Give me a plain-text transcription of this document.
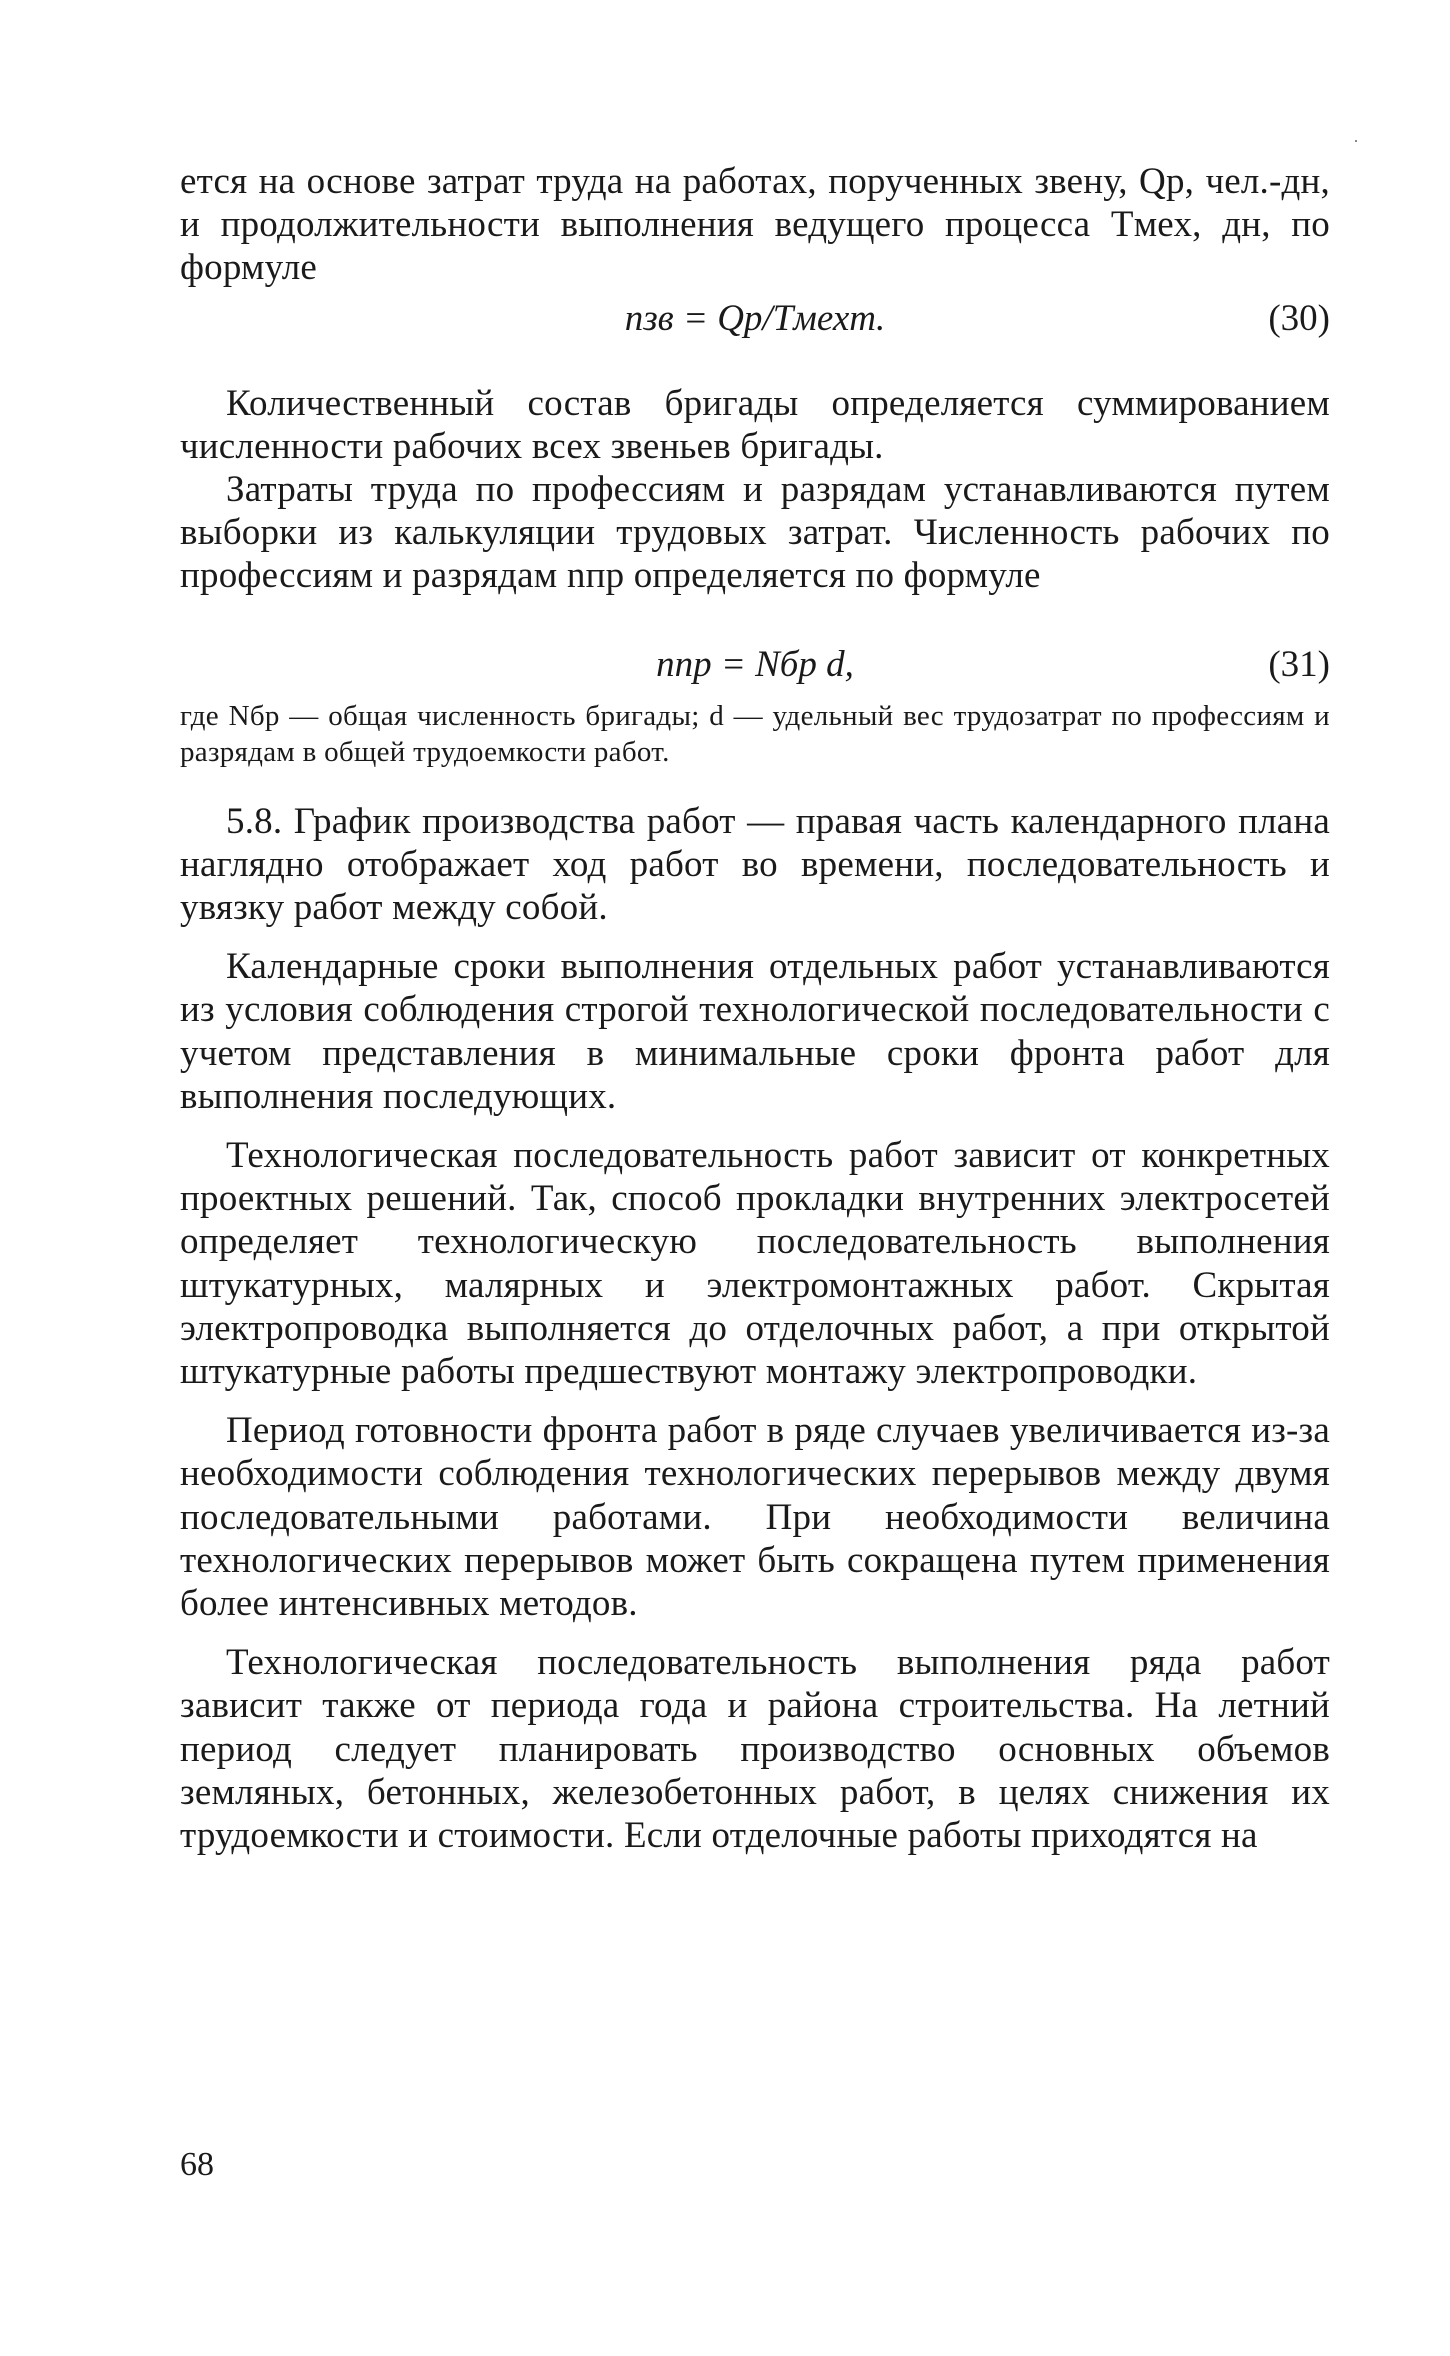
ется на основе затрат труда на работах, порученных звену, Qр, чел.-дн, и продолжительности выполнения ведущего процесса Tмех, дн, по формуле

nзв = Qр/Tмехm.	(30)

Количественный состав бригады определяется суммированием численности рабочих всех звеньев бригады.

Затраты труда по профессиям и разрядам устанавливаются путем выборки из калькуляции трудовых затрат. Численность рабочих по профессиям и разрядам nпр определяется по формуле

nпр = Nбр d,	(31)

где Nбр — общая численность бригады; d — удельный вес трудозатрат по профессиям и разрядам в общей трудоемкости работ.

5.8. График производства работ — правая часть календарного плана наглядно отображает ход работ во времени, последовательность и увязку работ между собой.

Календарные сроки выполнения отдельных работ устанавливаются из условия соблюдения строгой технологической последовательности с учетом представления в минимальные сроки фронта работ для выполнения последующих.

Технологическая последовательность работ зависит от конкретных проектных решений. Так, способ прокладки внутренних электросетей определяет технологическую последовательность выполнения штукатурных, малярных и электромонтажных работ. Скрытая электропроводка выполняется до отделочных работ, а при открытой штукатурные работы предшествуют монтажу электропроводки.

Период готовности фронта работ в ряде случаев увеличивается из-за необходимости соблюдения технологических перерывов между двумя последовательными работами. При необходимости величина технологических перерывов может быть сокращена путем применения более интенсивных методов.

Технологическая последовательность выполнения ряда работ зависит также от периода года и района строительства. На летний период следует планировать производство основных объемов земляных, бетонных, железобетонных работ, в целях снижения их трудоемкости и стоимости. Если отделочные работы приходятся на

68
